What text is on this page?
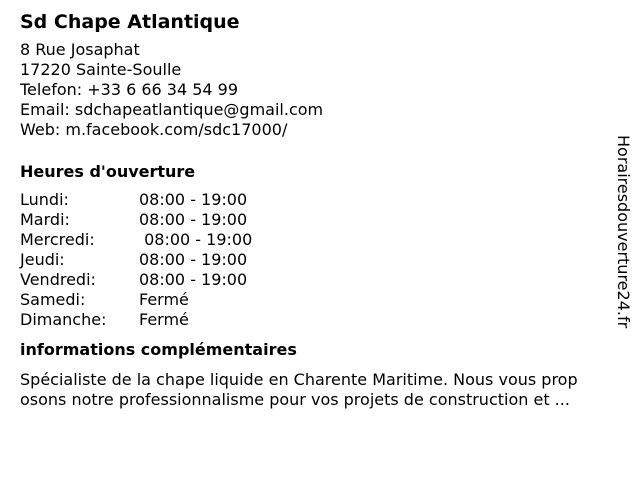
Sd Chape Atlantique
8 Rue Josaphat
17220 Sainte-Soulle
Telefon: +33 6 66 34 54 99
Email: sdchapeatlantique@gmail.com
Web: m.facebook.com/sdc17000/
Heures d'ouverture
Lundi:	08:00 - 19:00
Mardi:	08:00 - 19:00
Mercredi:	08:00 - 19:00
Jeudi:	08:00 - 19:00
Vendredi:	08:00 - 19:00
Samedi:	Fermé
Dimanche:	Fermé
informations complémentaires
Spécialiste de la chape liquide en Charente Maritime. Nous vous prop
osons notre professionnalisme pour vos projets de construction et ...
Horairesdouverture24.fr
